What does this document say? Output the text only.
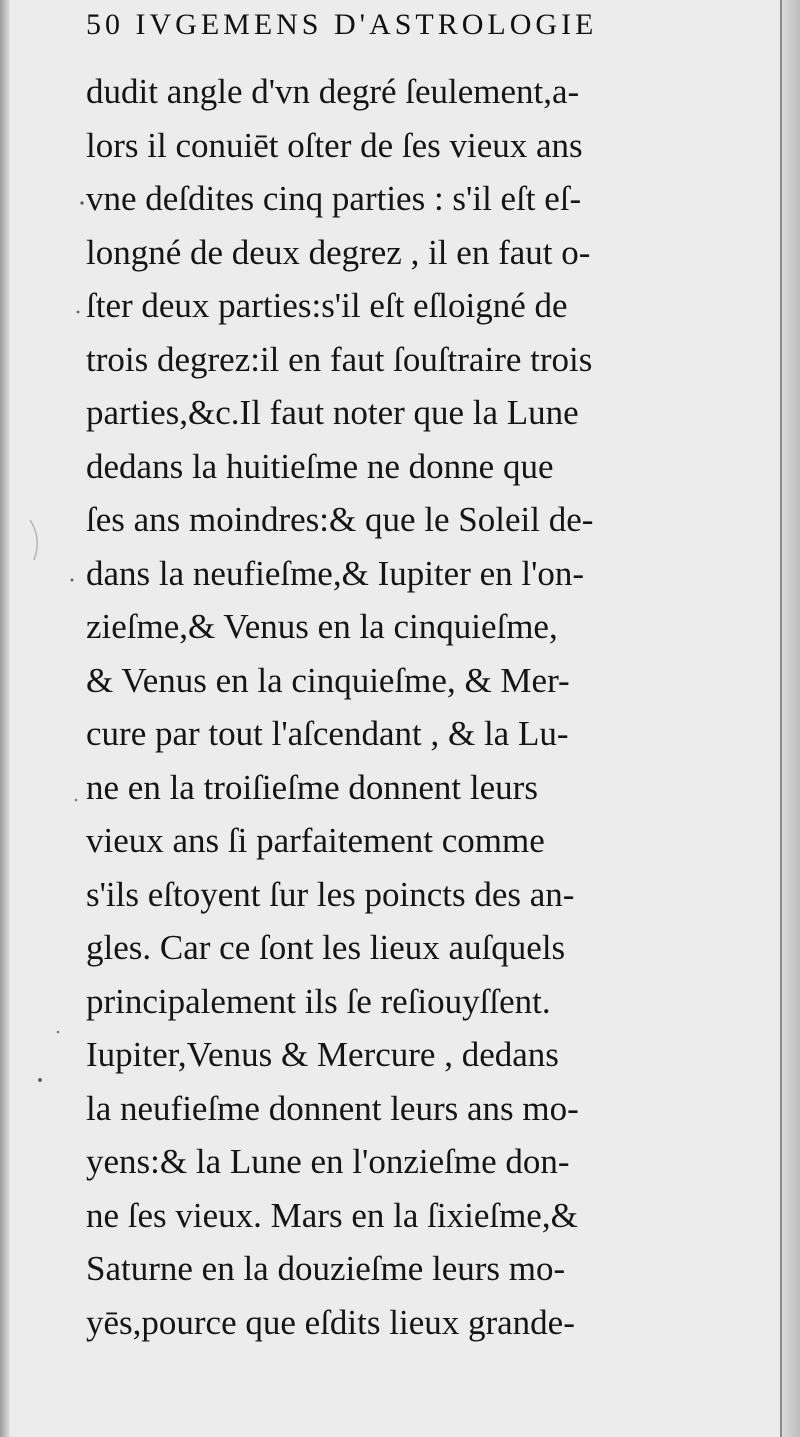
50 IVGEMENS D'ASTROLOGIE
dudit angle d'vn degré ſeulement,a-
lors il conuiēt oſter de ſes vieux ans
vne deſdites cinq parties : s'il eſt eſ-
longné de deux degrez , il en faut o-
ſter deux parties:s'il eſt eſloigné de
trois degrez:il en faut ſouſtraire trois
parties,&c.Il faut noter que la Lune
dedans la huitieſme ne donne que
ſes ans moindres:& que le Soleil de-
dans la neufieſme,& Iupiter en l'on-
zieſme,& Venus en la cinquieſme,
& Venus en la cinquieſme, & Mer-
cure par tout l'aſcendant , & la Lu-
ne en la troiſieſme donnent leurs
vieux ans ſi parfaitement comme
s'ils eſtoyent ſur les poincts des an-
gles. Car ce ſont les lieux auſquels
principalement ils ſe reſiouyſſent.
Iupiter,Venus & Mercure , dedans
la neufieſme donnent leurs ans mo-
yens:& la Lune en l'onzieſme don-
ne ſes vieux. Mars en la ſixieſme,&
Saturne en la douzieſme leurs mo-
yēs,pource que eſdits lieux grande-
